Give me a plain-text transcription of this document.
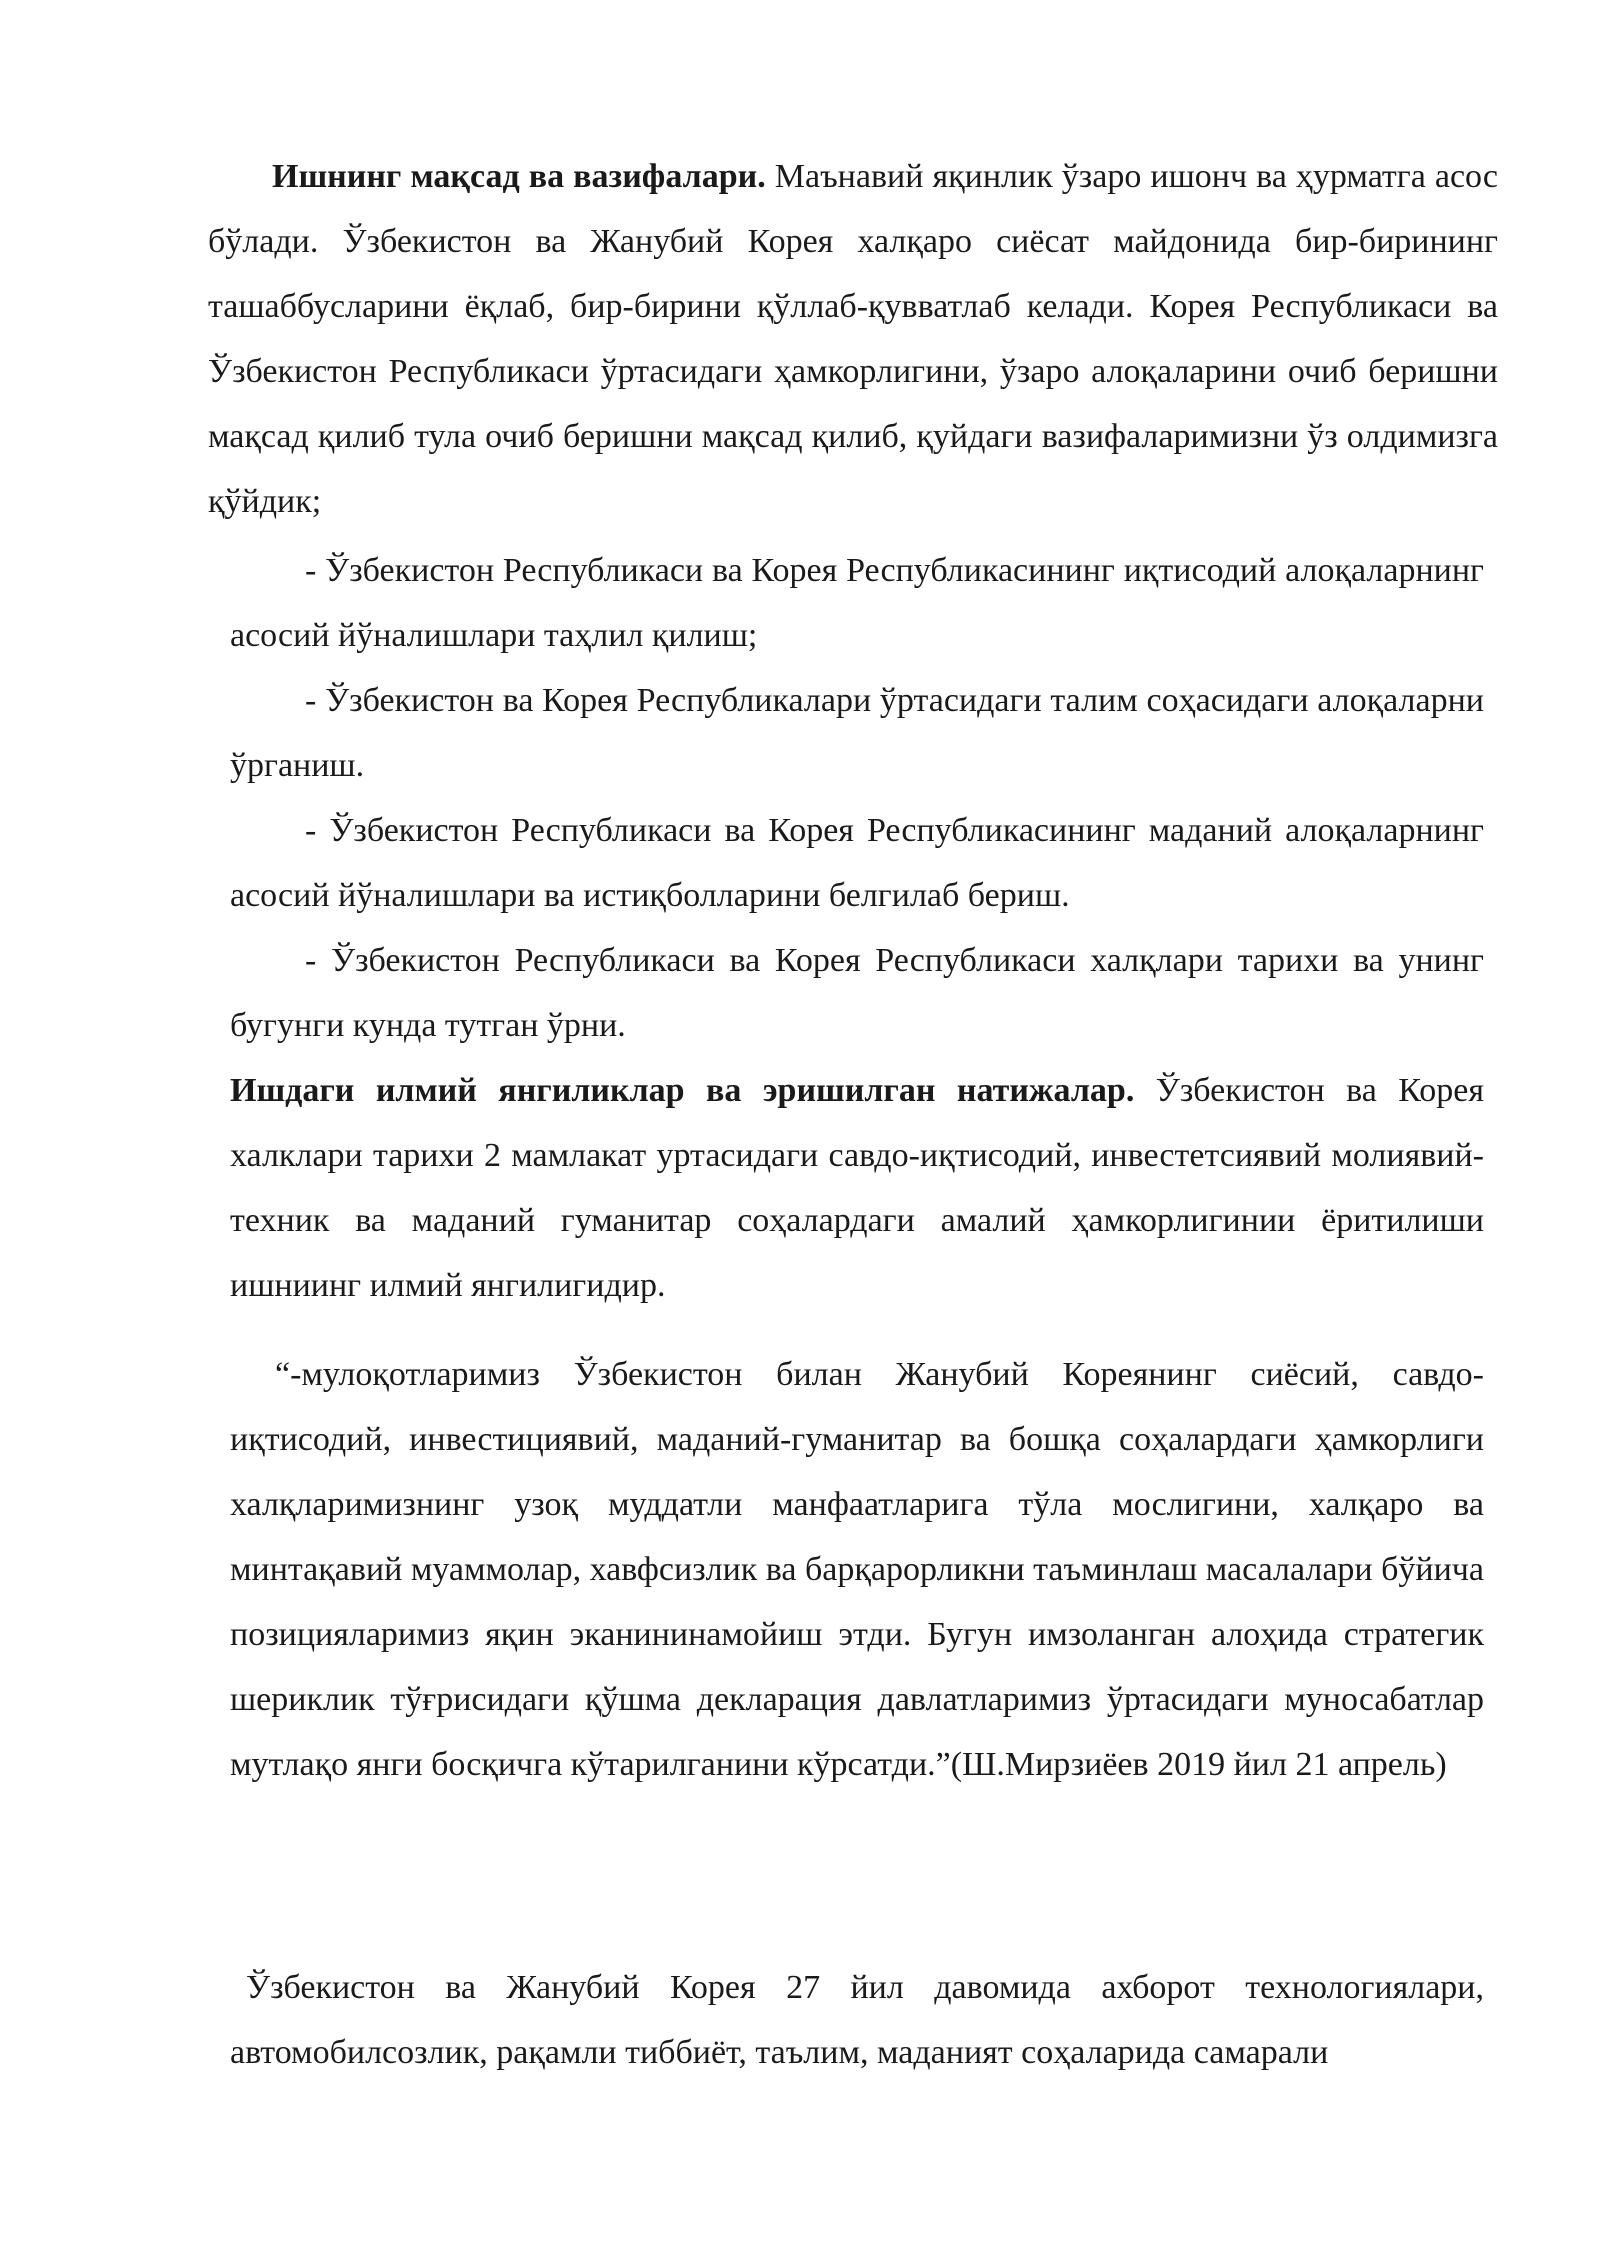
Ишнинг мақсад ва вазифалари. Маънавий яқинлик ўзаро ишонч ва ҳурматга асос бўлади. Ўзбекистон ва Жанубий Корея халқаро сиёсат майдонида бир-бирининг ташаббусларини ёқлаб, бир-бирини қўллаб-қувватлаб келади. Корея Республикаси ва Ўзбекистон Республикаси ўртасидаги ҳамкорлигини, ўзаро алоқаларини очиб беришни мақсад қилиб тула очиб беришни мақсад қилиб, қуйдаги вазифаларимизни ўз олдимизга қўйдик;

- Ўзбекистон Республикаси ва Корея Республикасининг иқтисодий алоқаларнинг асосий йўналишлари таҳлил қилиш;
- Ўзбекистон ва Корея Республикалари ўртасидаги талим соҳасидаги алоқаларни ўрганиш.
- Ўзбекистон Республикаси ва Корея Республикасининг маданий алоқаларнинг асосий йўналишлари ва истиқболларини белгилаб бериш.
- Ўзбекистон Республикаси ва Корея Республикаси халқлари тарихи ва унинг бугунги кунда тутган ўрни.

Ишдаги илмий янгиликлар ва эришилган натижалар. Ўзбекистон ва Корея халклари тарихи 2 мамлакат уртасидаги савдо-иқтисодий, инвестетсиявий молиявий-техник ва маданий гуманитар соҳалардаги амалий ҳамкорлигинии ёритилиши ишниинг илмий янгилигидир.

“-мулоқотларимиз Ўзбекистон билан Жанубий Кореянинг сиёсий, савдо-иқтисодий, инвестициявий, маданий-гуманитар ва бошқа соҳалардаги ҳамкорлиги халқларимизнинг узоқ муддатли манфаатларига тўла мослигини, халқаро ва минтақавий муаммолар, хавфсизлик ва барқарорликни таъминлаш масалалари бўйича позицияларимиз яқин эканининамойиш этди. Бугун имзоланган алоҳида стратегик шериклик тўғрисидаги қўшма декларация давлатларимиз ўртасидаги муносабатлар мутлақо янги босқичга кўтарилганини кўрсатди.”(Ш.Мирзиёев 2019 йил 21 апрель)

Ўзбекистон ва Жанубий Корея 27 йил давомида ахборот технологиялари, автомобилсозлик, рақамли тиббиёт, таълим, маданият соҳаларида самарали
